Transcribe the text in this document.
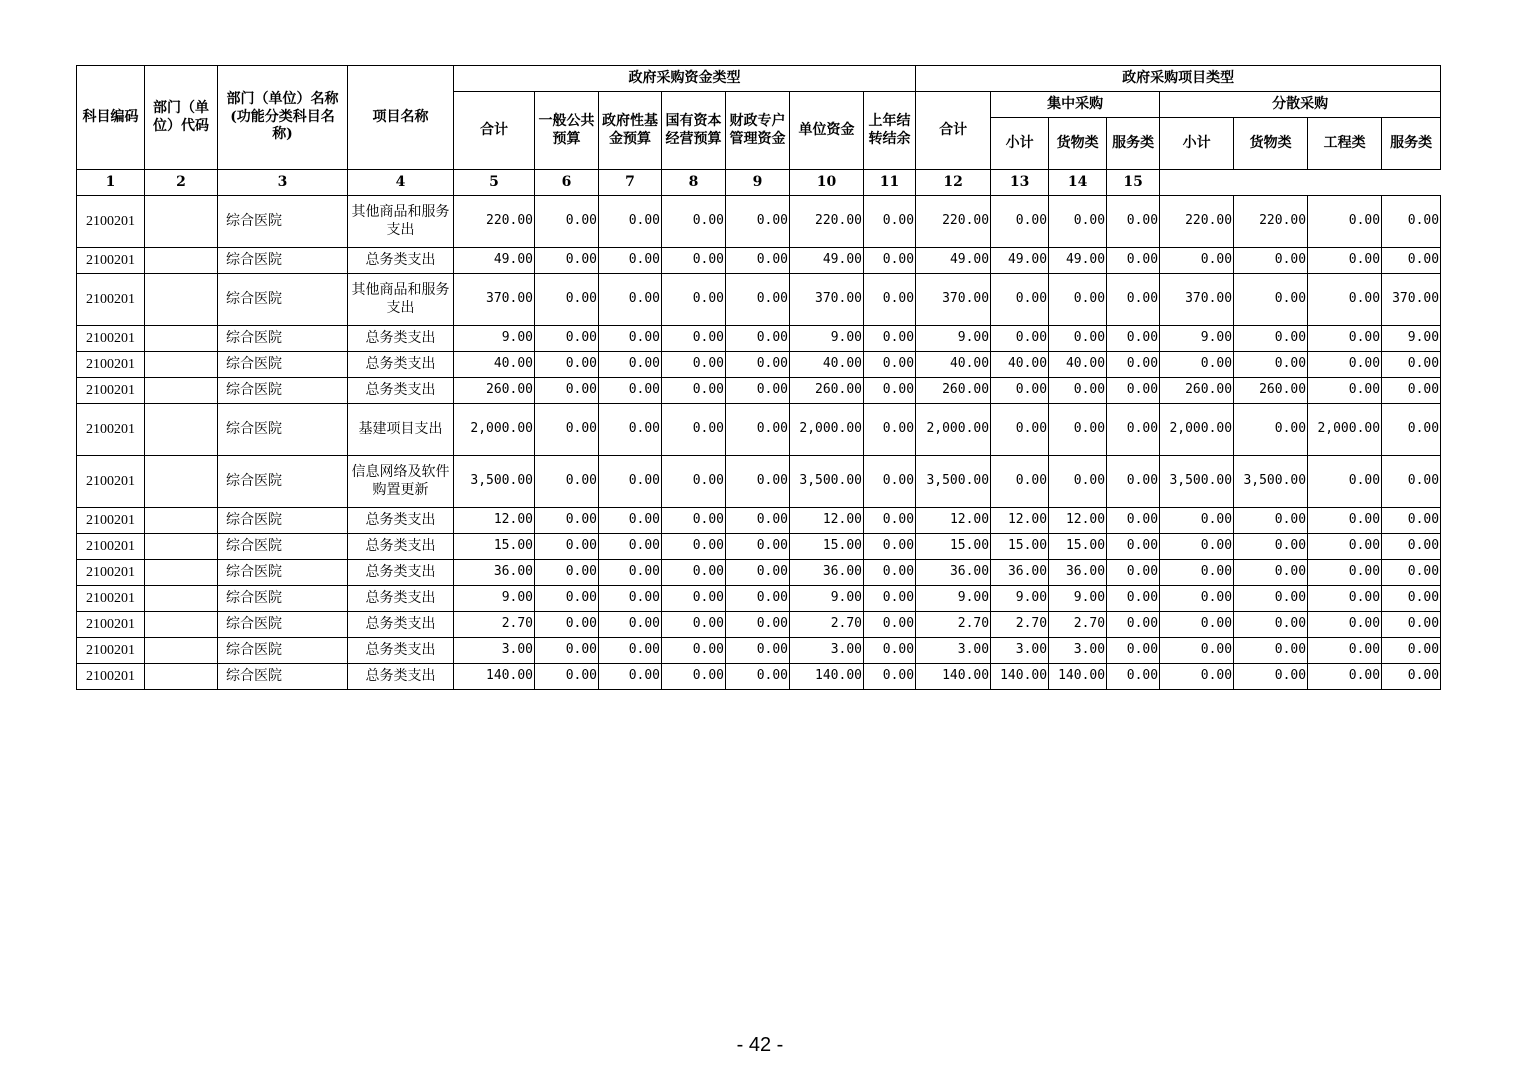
科目编码	部门（单位）代码	部门（单位）名称(功能分类科目名称)	项目名称	政府采购资金类型							政府采购项目类型							
				合计	一般公共预算	政府性基金预算	国有资本经营预算	财政专户管理资金	单位资金	上年结转结余	合计	集中采购			分散采购			
												小计	货物类	服务类	小计	货物类	工程类	服务类
1	2	3	4	5	6	7	8	9	10	11	12	13	14	15				
2100201		综合医院	其他商品和服务支出	220.00	0.00	0.00	0.00	0.00	220.00	0.00	220.00	0.00	0.00	0.00	220.00	220.00	0.00	0.00
2100201		综合医院	总务类支出	49.00	0.00	0.00	0.00	0.00	49.00	0.00	49.00	49.00	49.00	0.00	0.00	0.00	0.00	0.00
2100201		综合医院	其他商品和服务支出	370.00	0.00	0.00	0.00	0.00	370.00	0.00	370.00	0.00	0.00	0.00	370.00	0.00	0.00	370.00
2100201		综合医院	总务类支出	9.00	0.00	0.00	0.00	0.00	9.00	0.00	9.00	0.00	0.00	0.00	9.00	0.00	0.00	9.00
2100201		综合医院	总务类支出	40.00	0.00	0.00	0.00	0.00	40.00	0.00	40.00	40.00	40.00	0.00	0.00	0.00	0.00	0.00
2100201		综合医院	总务类支出	260.00	0.00	0.00	0.00	0.00	260.00	0.00	260.00	0.00	0.00	0.00	260.00	260.00	0.00	0.00
2100201		综合医院	基建项目支出	2,000.00	0.00	0.00	0.00	0.00	2,000.00	0.00	2,000.00	0.00	0.00	0.00	2,000.00	0.00	2,000.00	0.00
2100201		综合医院	信息网络及软件购置更新	3,500.00	0.00	0.00	0.00	0.00	3,500.00	0.00	3,500.00	0.00	0.00	0.00	3,500.00	3,500.00	0.00	0.00
2100201		综合医院	总务类支出	12.00	0.00	0.00	0.00	0.00	12.00	0.00	12.00	12.00	12.00	0.00	0.00	0.00	0.00	0.00
2100201		综合医院	总务类支出	15.00	0.00	0.00	0.00	0.00	15.00	0.00	15.00	15.00	15.00	0.00	0.00	0.00	0.00	0.00
2100201		综合医院	总务类支出	36.00	0.00	0.00	0.00	0.00	36.00	0.00	36.00	36.00	36.00	0.00	0.00	0.00	0.00	0.00
2100201		综合医院	总务类支出	9.00	0.00	0.00	0.00	0.00	9.00	0.00	9.00	9.00	9.00	0.00	0.00	0.00	0.00	0.00
2100201		综合医院	总务类支出	2.70	0.00	0.00	0.00	0.00	2.70	0.00	2.70	2.70	2.70	0.00	0.00	0.00	0.00	0.00
2100201		综合医院	总务类支出	3.00	0.00	0.00	0.00	0.00	3.00	0.00	3.00	3.00	3.00	0.00	0.00	0.00	0.00	0.00
2100201		综合医院	总务类支出	140.00	0.00	0.00	0.00	0.00	140.00	0.00	140.00	140.00	140.00	0.00	0.00	0.00	0.00	0.00
- 42 -
